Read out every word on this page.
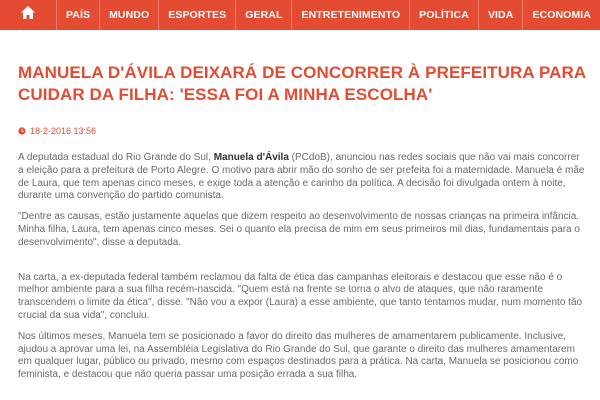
PAÍS	MUNDO	ESPORTES	GERAL	ENTRETENIMENTO	POLÍTICA	VIDA	ECONOMIA
MANUELA D'ÁVILA DEIXARÁ DE CONCORRER À PREFEITURA PARA CUIDAR DA FILHA: 'ESSA FOI A MINHA ESCOLHA'
18-2-2016 13:56

A deputada estadual do Rio Grande do Sul, Manuela d'Ávila (PCdoB), anunciou nas redes sociais que não vai mais concorrer a eleição para a prefeitura de Porto Alegre. O motivo para abrir mão do sonho de ser prefeita foi a maternidade. Manuela é mãe de Laura, que tem apenas cinco meses, e exige toda a atenção e carinho da política. A decisão foi divulgada ontem à noite, durante uma convenção do partido comunista.

"Dentre as causas, estão justamente aquelas que dizem respeito ao desenvolvimento de nossas crianças na primeira infância. Minha filha, Laura, tem apenas cinco meses. Sei o quanto ela precisa de mim em seus primeiros mil dias, fundamentais para o desenvolvimento", disse a deputada.

Na carta, a ex-deputada federal também reclamou da falta de ética das campanhas eleitorais e destacou que esse não é o melhor ambiente para a sua filha recém-nascida. "Quem está na frente se torna o alvo de ataques, que não raramente transcendem o limite da ética", disse. "Não vou a expor (Laura) a esse ambiente, que tanto tentamos mudar, num momento tão crucial da sua vida", concluiu.

Nos últimos meses, Manuela tem se posicionado a favor do direito das mulheres de amamentarem publicamente. Inclusive, ajudou a aprovar uma lei, na Assembléia Legislativa do Rio Grande do Sul, que garante o direito das mulheres amamentarem em qualquer lugar, público ou privado, mesmo com espaços destinados para a prática. Na carta, Manuela se posicionou como feminista, e destacou que não queria passar uma posição errada a sua filha.
